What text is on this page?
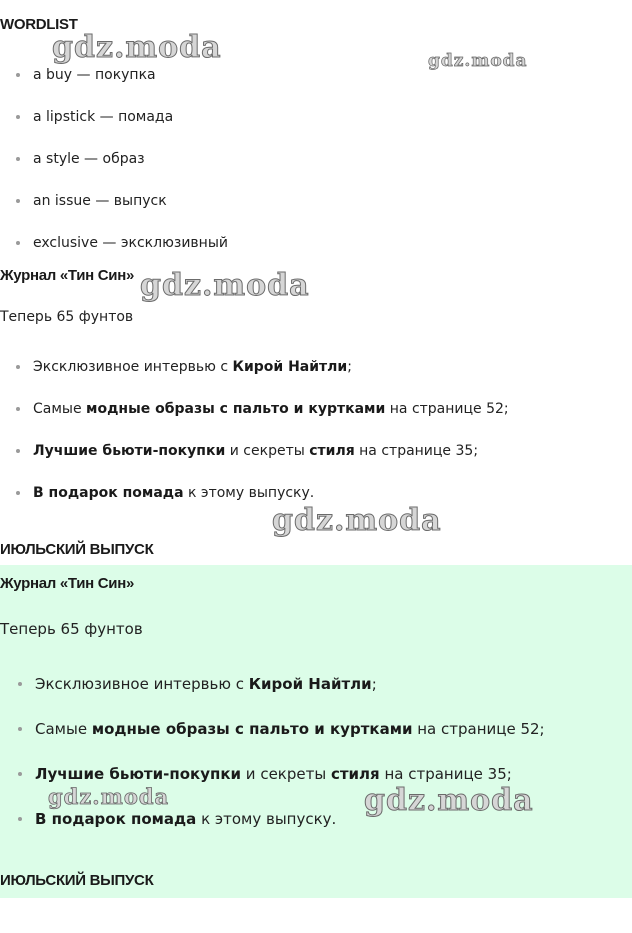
WORDLIST
a buy — покупка
a lipstick — помада
a style — образ
an issue — выпуск
exclusive — эксклюзивный
Журнал «Тин Син»

Теперь 65 фунтов

Эксклюзивное интервью с Кирой Найтли;
Самые модные образы с пальто и куртками на странице 52;
Лучшие бьюти-покупки и секреты стиля на странице 35;
В подарок помада к этому выпуску.
ИЮЛЬСКИЙ ВЫПУСК
Журнал «Тин Син»

Теперь 65 фунтов

Эксклюзивное интервью с Кирой Найтли;
Самые модные образы с пальто и куртками на странице 52;
Лучшие бьюти-покупки и секреты стиля на странице 35;
В подарок помада к этому выпуску.
ИЮЛЬСКИЙ ВЫПУСК
gdz.moda	gdz.moda
gdz.moda
gdz.moda
gdz.moda	gdz.moda
